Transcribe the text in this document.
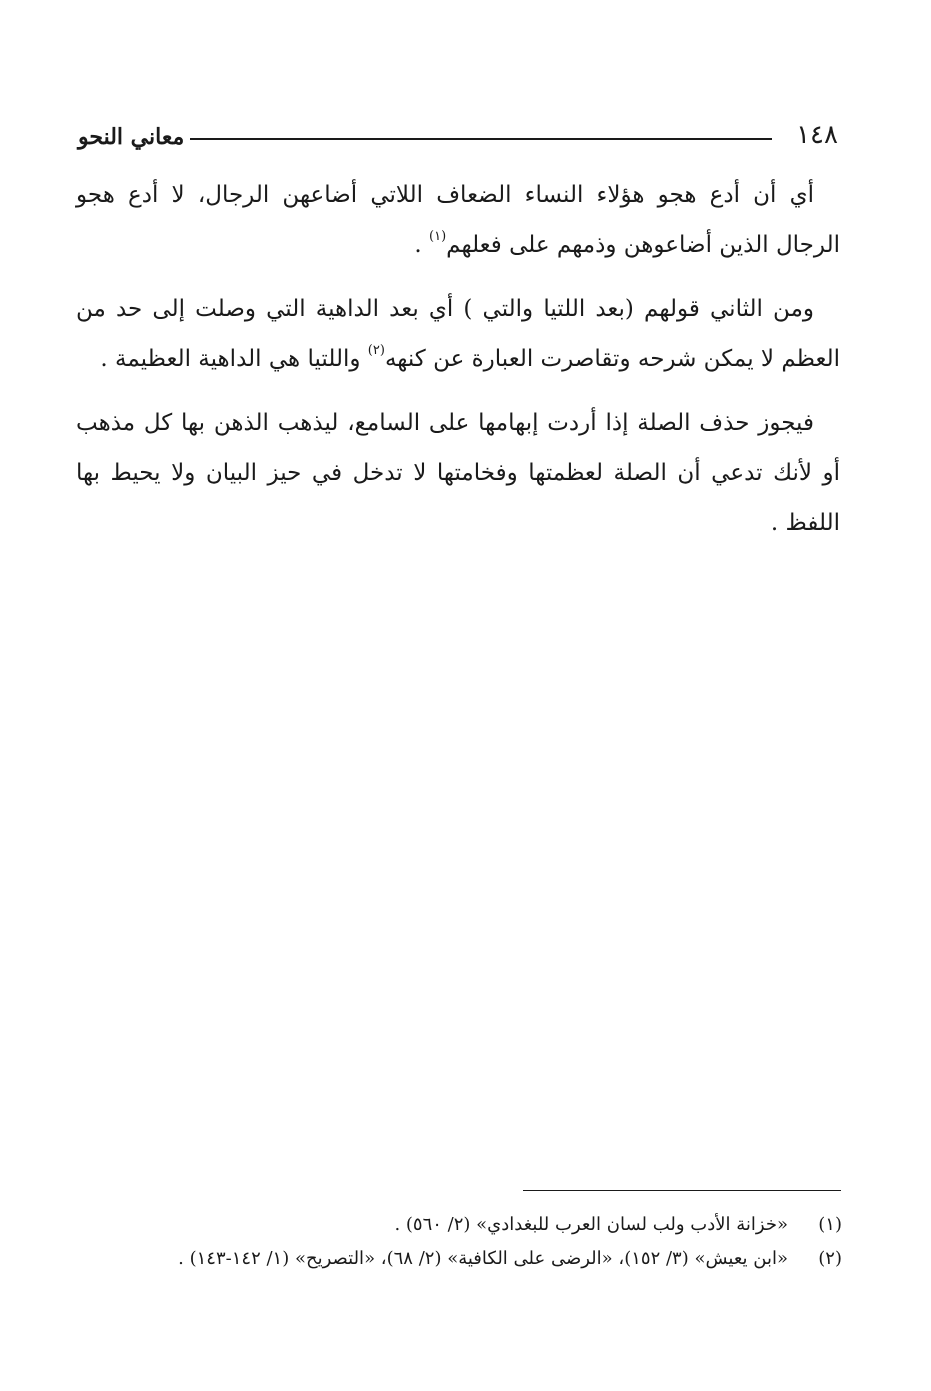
١٤٨
معاني النحو

أي أن أدع هجو هؤلاء النساء الضعاف اللاتي أضاعهن الرجال، لا أدع هجو الرجال الذين أضاعوهن وذمهم على فعلهم$^{(١)}$ .

ومن الثاني قولهم (بعد اللتيا والتي ) أي بعد الداهية التي وصلت إلى حد من العظم لا يمكن شرحه وتقاصرت العبارة عن كنهه$^{(٢)}$ واللتيا هي الداهية العظيمة .

فيجوز حذف الصلة إذا أردت إبهامها على السامع، ليذهب الذهن بها كل مذهب أو لأنك تدعي أن الصلة لعظمتها وفخامتها لا تدخل في حيز البيان ولا يحيط بها اللفظ .

(١)
«خزانة الأدب ولب لسان العرب للبغدادي» (٢/ ٥٦٠) .
(٢)
«ابن يعيش» (٣/ ١٥٢)، «الرضى على الكافية» (٢/ ٦٨)، «التصريح» (١/ ١٤٢-١٤٣) .
